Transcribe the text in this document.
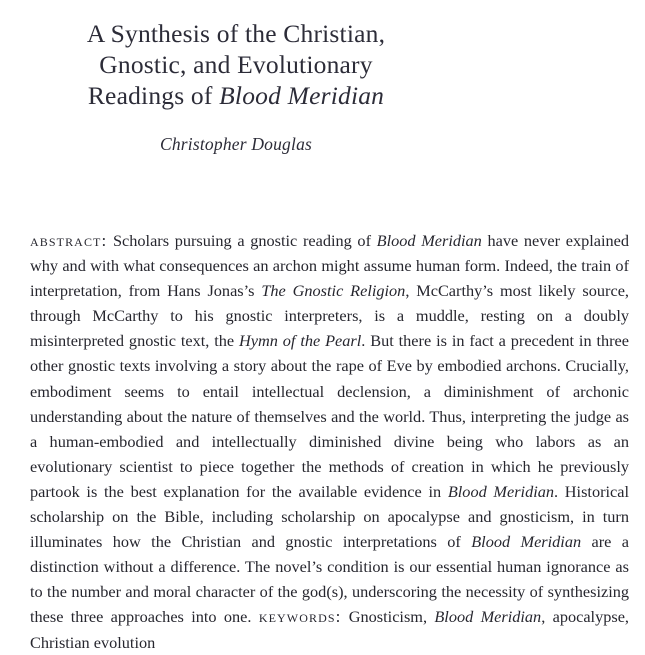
A Synthesis of the Christian,
Gnostic, and Evolutionary
Readings of Blood Meridian
Christopher Douglas

abstract: Scholars pursuing a gnostic reading of Blood Meridian have never explained why and with what consequences an archon might assume human form. Indeed, the train of interpretation, from Hans Jonas’s The Gnostic Religion, McCarthy’s most likely source, through McCarthy to his gnostic interpreters, is a muddle, resting on a doubly misinterpreted gnostic text, the Hymn of the Pearl. But there is in fact a precedent in three other gnostic texts involving a story about the rape of Eve by embodied archons. Crucially, embodiment seems to entail intellectual declension, a diminishment of archonic understanding about the nature of themselves and the world. Thus, interpreting the judge as a human-embodied and intellectually diminished divine being who labors as an evolutionary scientist to piece together the methods of creation in which he previously partook is the best explanation for the available evidence in Blood Meridian. Historical scholarship on the Bible, including scholarship on apocalypse and gnosticism, in turn illuminates how the Christian and gnostic interpretations of Blood Meridian are a distinction without a difference. The novel’s condition is our essential human ignorance as to the number and moral character of the god(s), underscoring the necessity of synthesizing these three approaches into one. keywords: Gnosticism, Blood Meridian, apocalypse, Christian evolution
